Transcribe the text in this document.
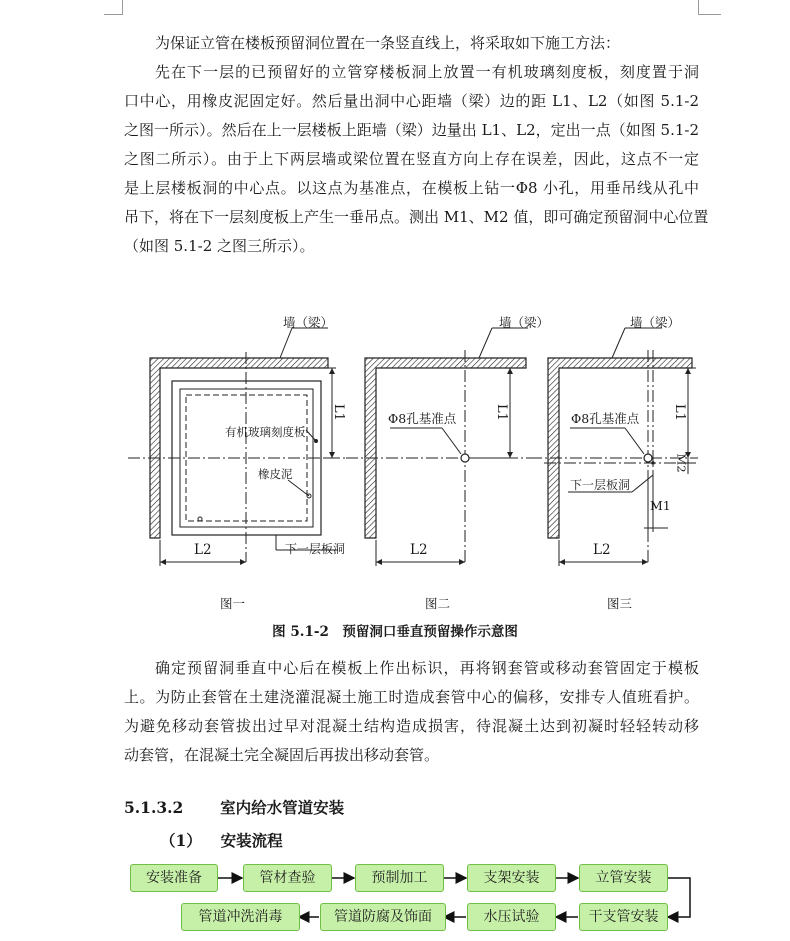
为保证立管在楼板预留洞位置在一条竖直线上，将采取如下施工方法：
先在下一层的已预留好的立管穿楼板洞上放置一有机玻璃刻度板，刻度置于洞
口中心，用橡皮泥固定好。然后量出洞中心距墙（梁）边的距 L1、L2（如图 5.1-2
之图一所示）。然后在上一层楼板上距墙（梁）边量出 L1、L2，定出一点（如图 5.1-2
之图二所示）。由于上下两层墙或梁位置在竖直方向上存在误差，因此，这点不一定
是上层楼板洞的中心点。以这点为基准点，在模板上钻一Φ8 小孔，用垂吊线从孔中
吊下，将在下一层刻度板上产生一垂吊点。测出 M1、M2 值，即可确定预留洞中心位置
（如图 5.1-2 之图三所示）。
墙（梁）	墙（梁）	墙（梁）
有机玻璃刻度板
橡皮泥
下一层板洞
Φ8孔基准点	Φ8孔基准点
下一层板洞
L1	L1	L1
M2
M1
L2	L2	L2
图一	图二	图三
图 5.1-2　预留洞口垂直预留操作示意图
确定预留洞垂直中心后在模板上作出标识，再将钢套管或移动套管固定于模板
上。为防止套管在土建浇灌混凝土施工时造成套管中心的偏移，安排专人值班看护。
为避免移动套管拔出过早对混凝土结构造成损害，待混凝土达到初凝时轻轻转动移
动套管，在混凝土完全凝固后再拔出移动套管。
5.1.3.2 室内给水管道安装
（1） 安装流程
安装准备	管材查验	预制加工	支架安装	立管安装
管道冲洗消毒	管道防腐及饰面	水压试验	干支管安装
